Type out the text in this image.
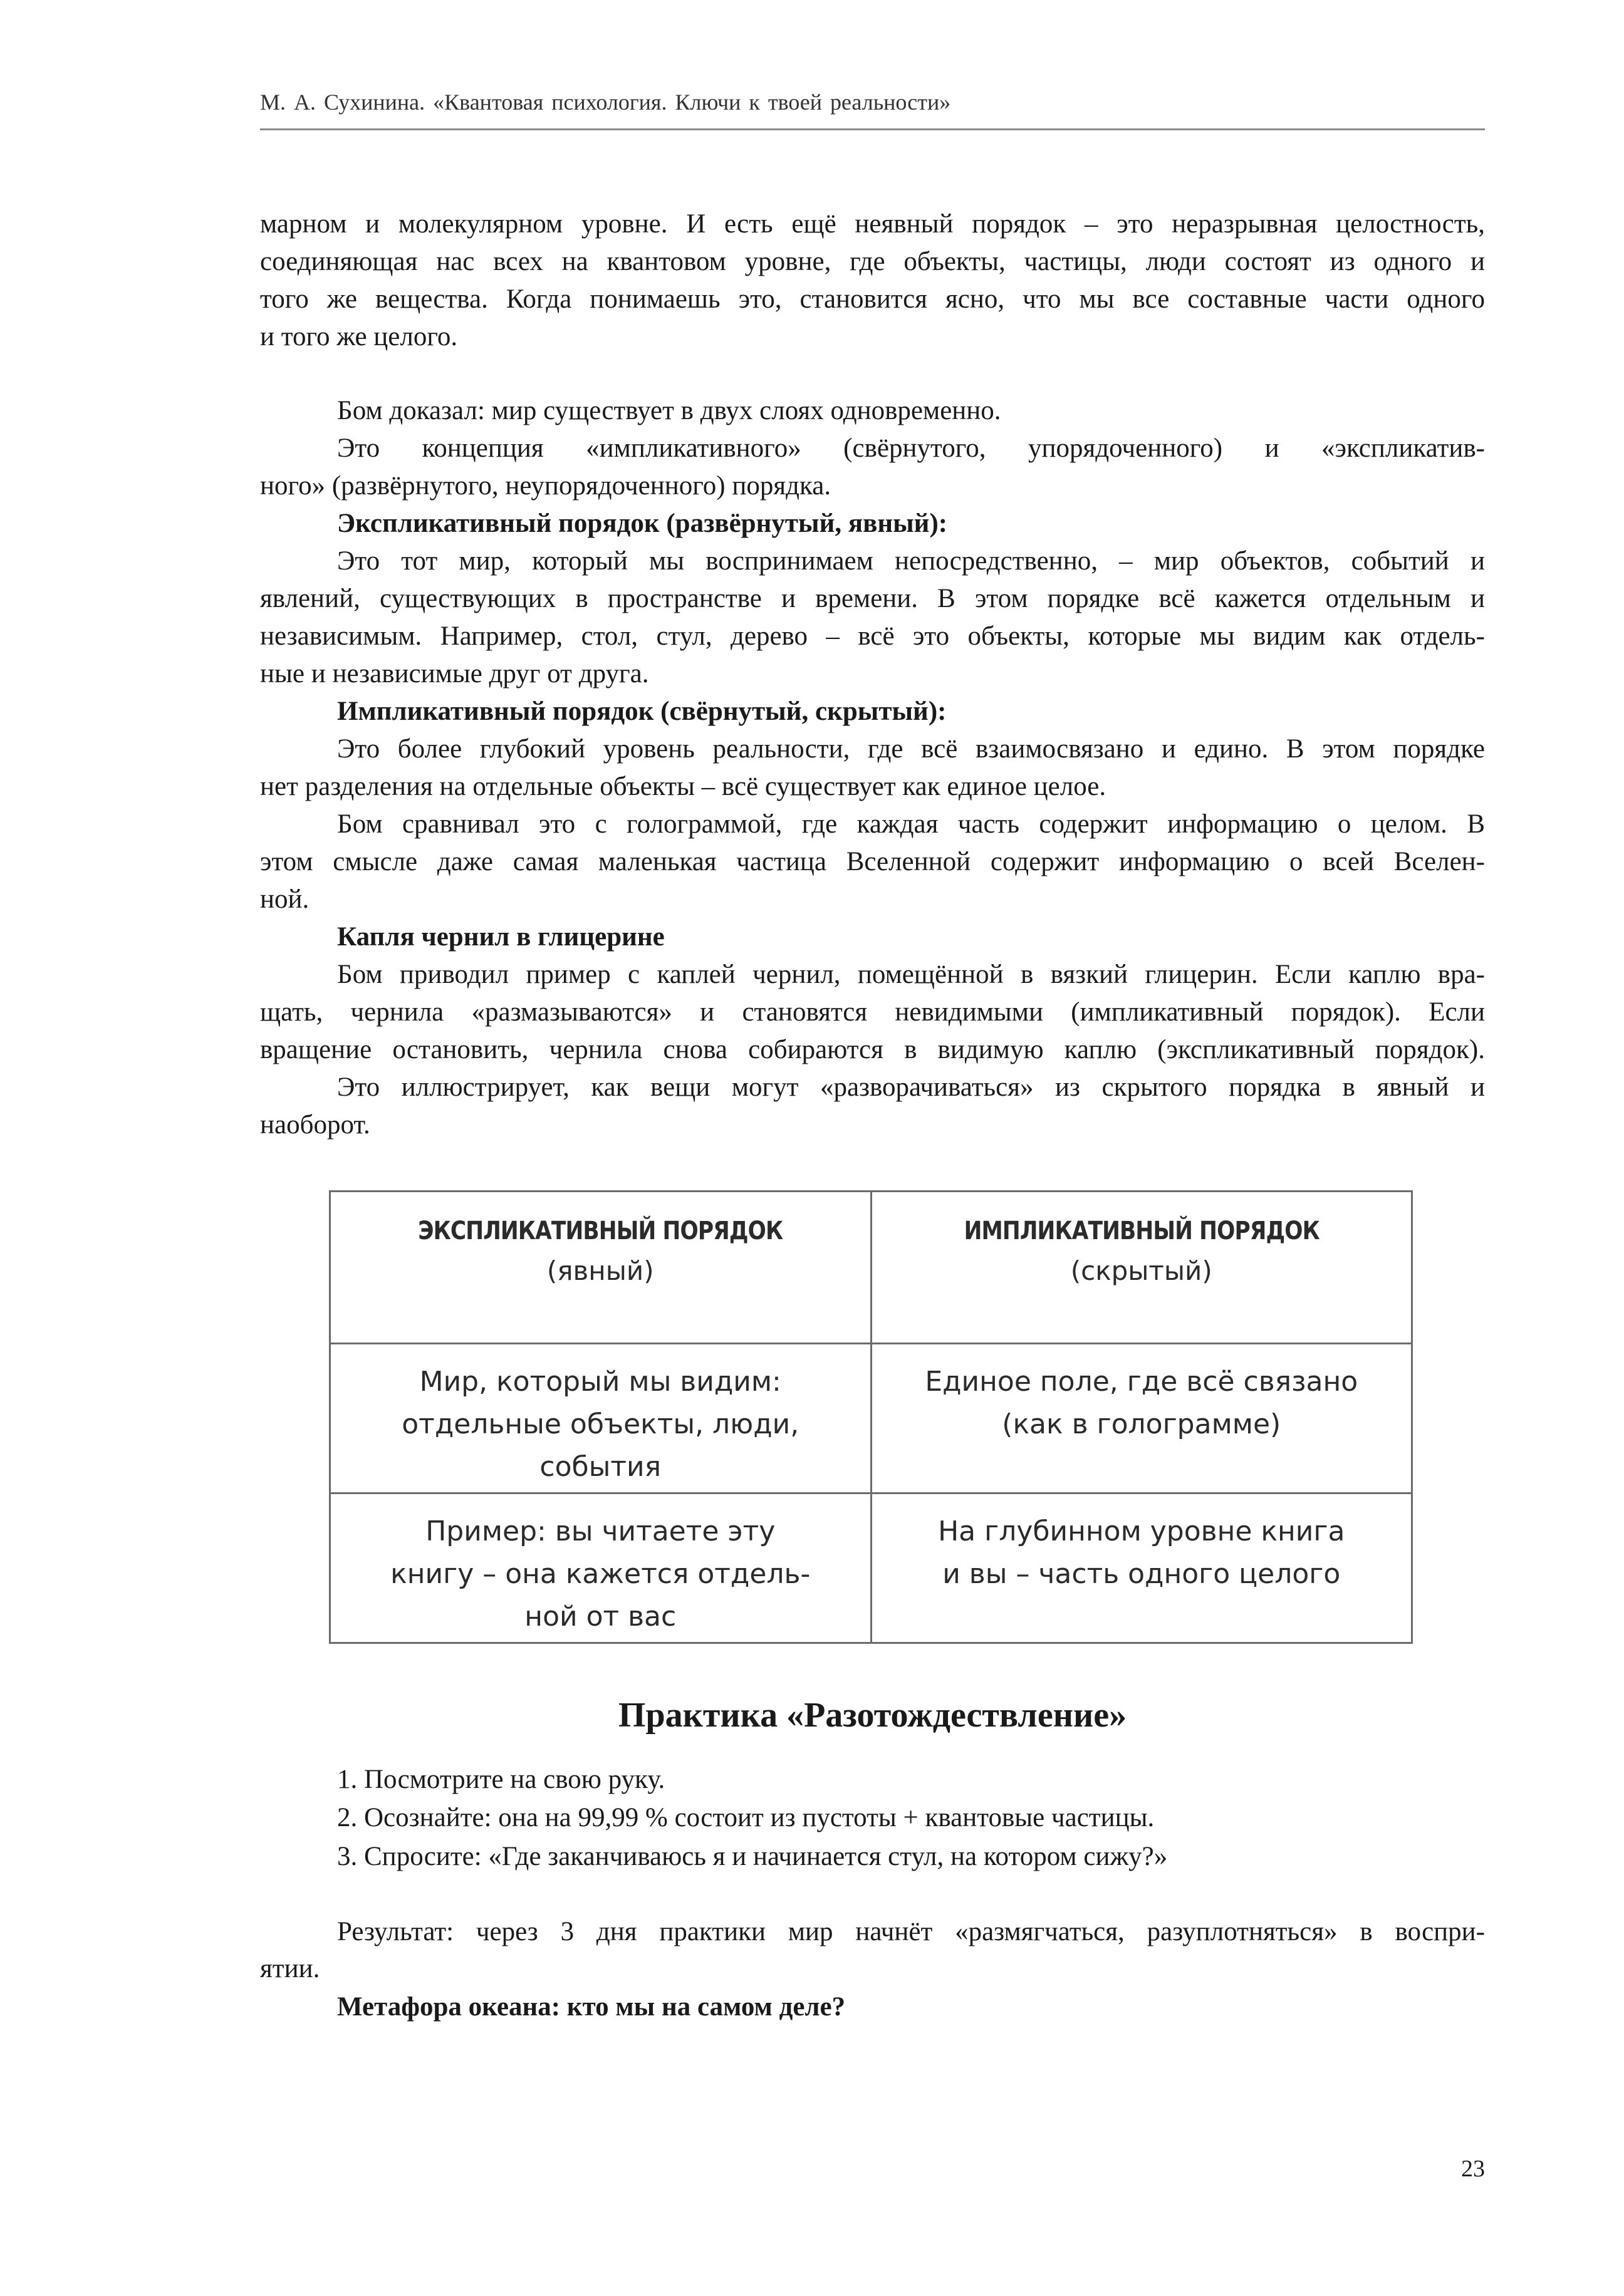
М. А. Сухинина. «Квантовая психология. Ключи к твоей реальности»
марном и молекулярном уровне. И есть ещё неявный порядок – это неразрывная целостность,
соединяющая нас всех на квантовом уровне, где объекты, частицы, люди состоят из одного и
того же вещества. Когда понимаешь это, становится ясно, что мы все составные части одного
и того же целого.
Бом доказал: мир существует в двух слоях одновременно.
Это концепция «импликативного» (свёрнутого, упорядоченного) и «экспликатив-
ного» (развёрнутого, неупорядоченного) порядка.
Экспликативный порядок (развёрнутый, явный):
Это тот мир, который мы воспринимаем непосредственно, – мир объектов, событий и
явлений, существующих в пространстве и времени. В этом порядке всё кажется отдельным и
независимым. Например, стол, стул, дерево – всё это объекты, которые мы видим как отдель-
ные и независимые друг от друга.
Импликативный порядок (свёрнутый, скрытый):
Это более глубокий уровень реальности, где всё взаимосвязано и едино. В этом порядке
нет разделения на отдельные объекты – всё существует как единое целое.
Бом сравнивал это с голограммой, где каждая часть содержит информацию о целом. В
этом смысле даже самая маленькая частица Вселенной содержит информацию о всей Вселен-
ной.
Капля чернил в глицерине
Бом приводил пример с каплей чернил, помещённой в вязкий глицерин. Если каплю вра-
щать, чернила «размазываются» и становятся невидимыми (импликативный порядок). Если
вращение остановить, чернила снова собираются в видимую каплю (экспликативный порядок).
Это иллюстрирует, как вещи могут «разворачиваться» из скрытого порядка в явный и
наоборот.
ЭКСПЛИКАТИВНЫЙ ПОРЯДОК
(явный)	ИМПЛИКАТИВНЫЙ ПОРЯДОК
(скрытый)

Мир, который мы видим:
отдельные объекты, люди,
события	Единое поле, где всё связано
(как в голограмме)

Пример: вы читаете эту
книгу – она кажется отдель-
ной от вас	На глубинном уровне книга
и вы – часть одного целого
Практика «Разотождествление»
1. Посмотрите на свою руку.
2. Осознайте: она на 99,99 % состоит из пустоты + квантовые частицы.
3. Спросите: «Где заканчиваюсь я и начинается стул, на котором сижу?»
Результат: через 3 дня практики мир начнёт «размягчаться, разуплотняться» в воспри-
ятии.
Метафора океана: кто мы на самом деле?
23
